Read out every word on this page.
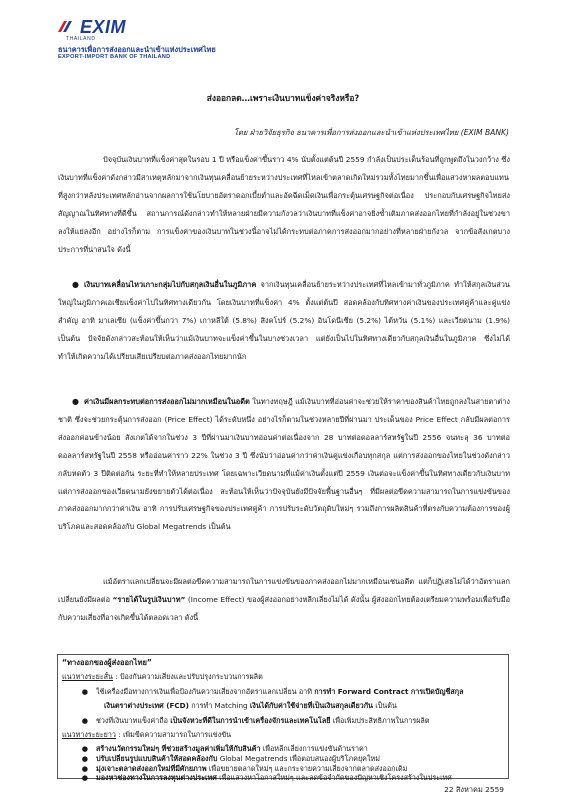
EXIM
THAILAND
ธนาคารเพื่อการส่งออกและนำเข้าแห่งประเทศไทย
EXPORT-IMPORT BANK OF THAILAND
ส่งออกลด…เพราะเงินบาทแข็งค่าจริงหรือ?
โดย ฝ่ายวิจัยธุรกิจ ธนาคารเพื่อการส่งออกและนำเข้าแห่งประเทศไทย (EXIM BANK)
ปัจจุบันเงินบาทที่แข็งค่าสุดในรอบ 1 ปี หรือแข็งค่าขึ้นราว 4% นับตั้งแต่ต้นปี 2559 กำลังเป็นประเด็นร้อนที่ถูกพูดถึงในวงกว้าง ซึ่งเงินบาทที่แข็งค่าดังกล่าวมีสาเหตุหลักมาจากเงินทุนเคลื่อนย้ายระหว่างประเทศที่ไหลเข้าตลาดเกิดใหม่รวมทั้งไทยมากขึ้นเพื่อแสวงหาผลตอบแทนที่สูงกว่าหลังประเทศหลักอ่านจากผลการใช้นโยบายอัตราดอกเบี้ยต่ำและอัดฉีดเม็ดเงินเพื่อกระตุ้นเศรษฐกิจต่อเนื่อง ประกอบกับเศรษฐกิจไทยส่งสัญญาณในทิศทางที่ดีขึ้น สถานการณ์ดังกล่าวทำให้หลายฝ่ายมีความกังวลว่าเงินบาทที่แข็งค่าอาจยิ่งซ้ำเติมภาคส่งออกไทยที่กำลังอยู่ในช่วงขาลงให้แย่ลงอีก อย่างไรก็ตาม การแข็งค่าของเงินบาทในช่วงนี้อาจไม่ได้กระทบต่อภาคการส่งออกมากอย่างที่หลายฝ่ายกังวล จากข้อสังเกตบางประการที่น่าสนใจ ดังนี้
● เงินบาทเคลื่อนไหวเกาะกลุ่มไปกับสกุลเงินอื่นในภูมิภาค จากเงินทุนเคลื่อนย้ายระหว่างประเทศที่ไหลเข้ามาทั่วภูมิภาค ทำให้สกุลเงินส่วนใหญ่ในภูมิภาคเอเชียแข็งค่าไปในทิศทางเดียวกัน โดยเงินบาทที่แข็งค่า 4% ตั้งแต่ต้นปี สอดคล้องกับทิศทางค่าเงินของประเทศคู่ค้าและคู่แข่งสำคัญ อาทิ มาเลเซีย (แข็งค่าขึ้นกว่า 7%) เกาหลีใต้ (5.8%) สิงคโปร์ (5.2%) อินโดนีเซีย (5.2%) ไต้หวัน (5.1%) และเวียดนาม (1.9%) เป็นต้น ปัจจัยดังกล่าวสะท้อนให้เห็นว่าแม้เงินบาทจะแข็งค่าขึ้นในบางช่วงเวลา แต่ยังเป็นไปในทิศทางเดียวกับสกุลเงินอื่นในภูมิภาค ซึ่งไม่ได้ทำให้เกิดความได้เปรียบเสียเปรียบต่อภาคส่งออกไทยมากนัก
● ค่าเงินมีผลกระทบต่อการส่งออกไม่มากเหมือนในอดีต ในทางทฤษฎี แม้เงินบาทที่อ่อนค่าจะช่วยให้ราคาของสินค้าไทยถูกลงในสายตาต่างชาติ ซึ่งจะช่วยกระตุ้นการส่งออก (Price Effect) ได้ระดับหนึ่ง อย่างไรก็ตามในช่วงหลายปีที่ผ่านมา ประเด็นของ Price Effect กลับมีผลต่อการส่งออกค่อนข้างน้อย สังเกตได้จากในช่วง 3 ปีที่ผ่านมาเงินบาทอ่อนค่าต่อเนื่องจาก 28 บาทต่อดอลลาร์สหรัฐในปี 2556 จนทะลุ 36 บาทต่อดอลลาร์สหรัฐในปี 2558 หรืออ่อนค่าราว 22% ในช่วง 3 ปี ซึ่งนับว่าอ่อนค่ากว่าค่าเงินคู่แข่งเกือบทุกสกุล แต่การส่งออกของไทยในช่วงดังกล่าวกลับหดตัว 3 ปีติดต่อกัน ระยะที่ทำให้หลายประเทศ โดยเฉพาะเวียดนามที่แม้ค่าเงินตั้งแต่ปี 2559 เงินต่อจะแข็งค่าขึ้นในทิศทางเดียวกับเงินบาท แต่การส่งออกของเวียดนามยังขยายตัวได้ต่อเนื่อง สะท้อนให้เห็นว่าปัจจุบันยังมีปัจจัยพื้นฐานอื่นๆ ที่มีผลต่อขีดความสามารถในการแข่งขันของภาคส่งออกมากกว่าค่าเงิน อาทิ การปรับเศรษฐกิจของประเทศคู่ค้า การปรับระดับวัตถุดิบใหม่ๆ รวมถึงการผลิตสินค้าที่ตรงกับความต้องการของผู้บริโภคและสอดคล้องกับ Global Megatrends เป็นต้น
แม้อัตราแลกเปลี่ยนจะมีผลต่อขีดความสามารถในการแข่งขันของภาคส่งออกไม่มากเหมือนเช่นอดีต แต่ก็ปฏิเสธไม่ได้ว่าอัตราแลกเปลี่ยนยังมีผลต่อ “รายได้ในรูปเงินบาท” (Income Effect) ของผู้ส่งออกอย่างหลีกเลี่ยงไม่ได้ ดังนั้น ผู้ส่งออกไทยต้องเตรียมความพร้อมเพื่อรับมือกับความเสี่ยงที่อาจเกิดขึ้นได้ตลอดเวลา ดังนี้
“ทางออกของผู้ส่งออกไทย”
แนวทางระยะสั้น : ป้องกันความเสี่ยงและปรับปรุงกระบวนการผลิต
● ใช้เครื่องมือทางการเงินเพื่อป้องกันความเสี่ยงจากอัตราแลกเปลี่ยน อาทิ การทำ Forward Contract การเปิดบัญชีสกุล
เงินตราต่างประเทศ (FCD) การทำ Matching เงินได้กับค่าใช้จ่ายที่เป็นเงินสกุลเดียวกัน เป็นต้น
● ช่วงที่เงินบาทแข็งค่าถือ เป็นจังหวะที่ดีในการนำเข้าเครื่องจักรและเทคโนโลยี เพื่อเพิ่มประสิทธิภาพในการผลิต
แนวทางระยะยาว : เพิ่มขีดความสามารถในการแข่งขัน
● สร้างนวัตกรรมใหม่ๆ ที่ช่วยสร้างมูลค่าเพิ่มให้กับสินค้า เพื่อหลีกเลี่ยงการแข่งขันด้านราคา
● ปรับเปลี่ยนรูปแบบสินค้าให้สอดคล้องกับ Global Megatrends เพื่อตอบสนองผู้บริโภคยุคใหม่
● มุ่งเจาะตลาดส่งออกใหม่ที่มีศักยภาพ เพื่อขยายตลาดใหม่ๆ และกระจายความเสี่ยงจากตลาดส่งออกเดิม
● มองหาช่องทางในการลงทุนต่างประเทศ เพื่อแสวงหาโอกาสใหม่ๆ และลดข้อจำกัดของปัญหาเชิงโครงสร้างในประเทศ
22 สิงหาคม 2559
